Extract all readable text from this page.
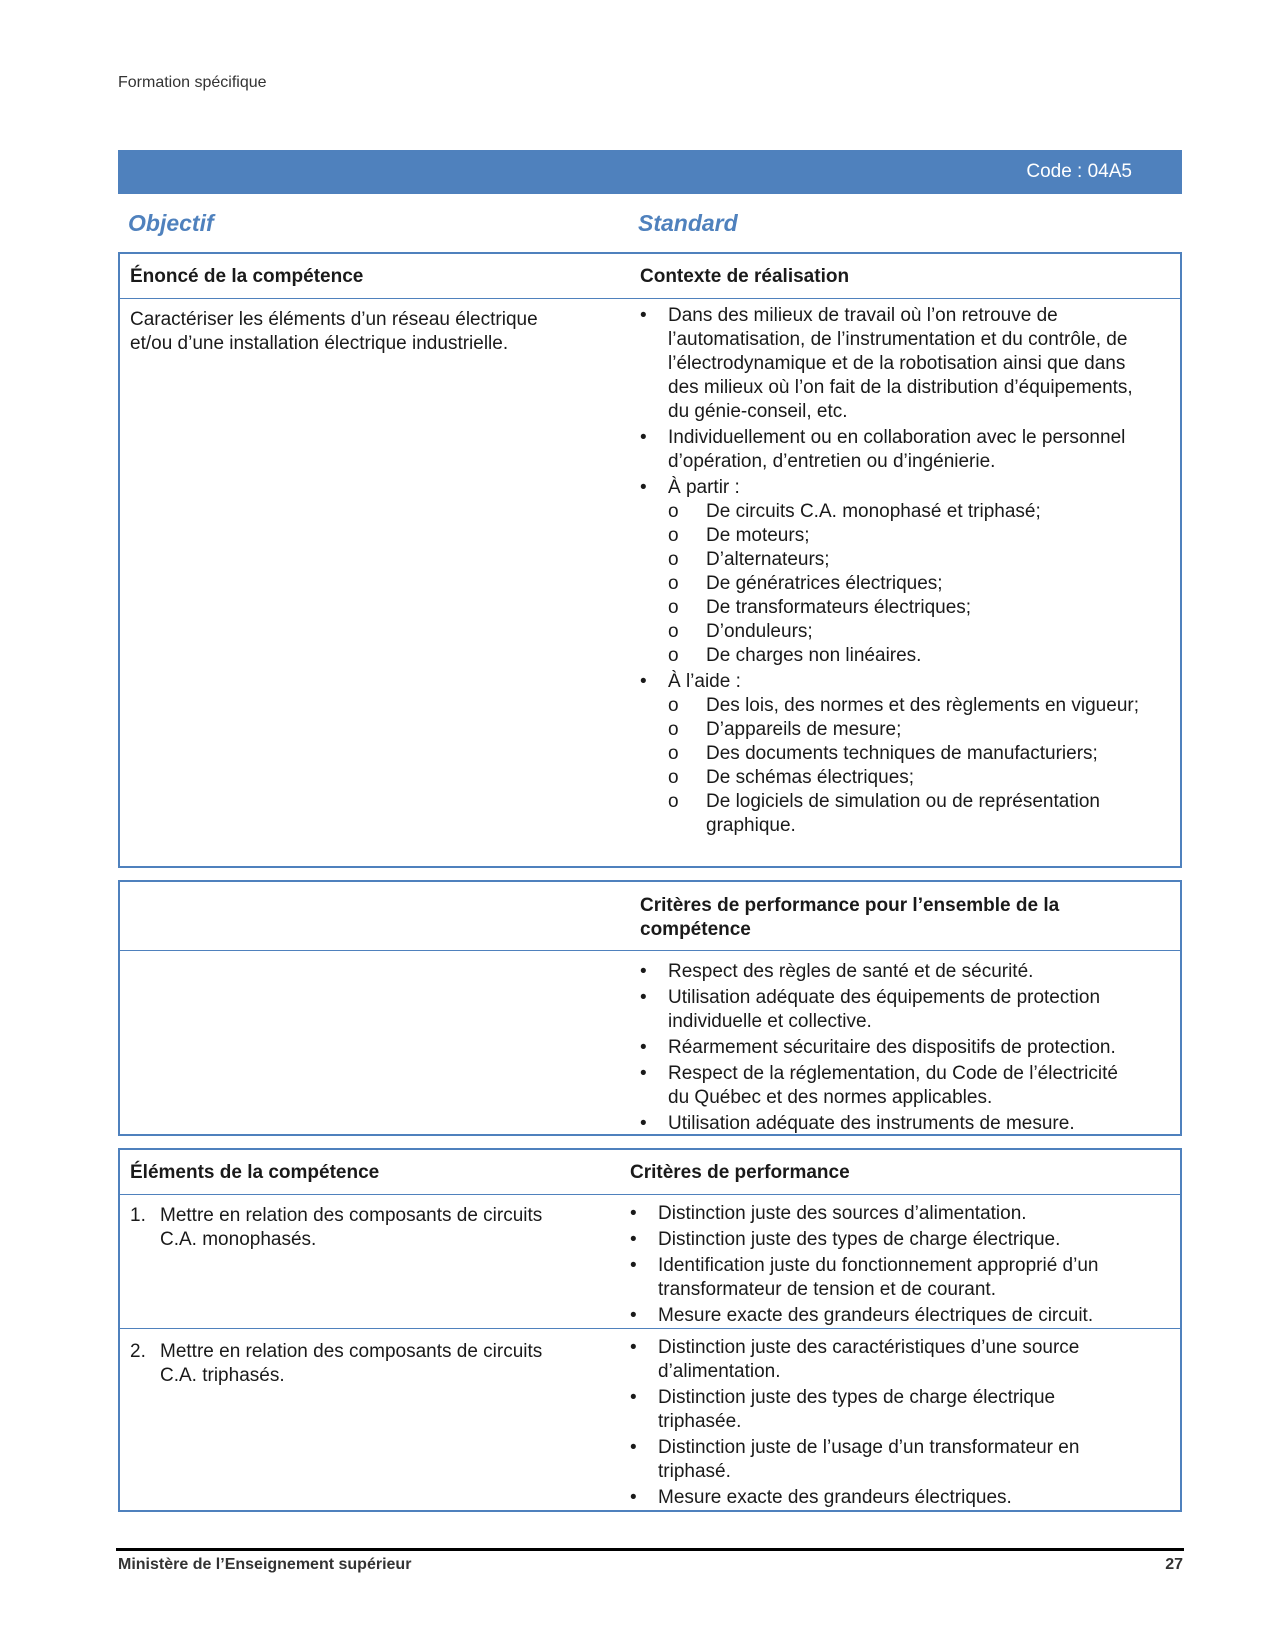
Formation spécifique
Code : 04A5
Objectif	Standard
Énoncé de la compétence	Contexte de réalisation
Caractériser les éléments d’un réseau électrique et/ou d’une installation électrique industrielle.
• Dans des milieux de travail où l’on retrouve de l’automatisation, de l’instrumentation et du contrôle, de l’électrodynamique et de la robotisation ainsi que dans des milieux où l’on fait de la distribution d’équipements, du génie-conseil, etc.
• Individuellement ou en collaboration avec le personnel d’opération, d’entretien ou d’ingénierie.
• À partir :
o De circuits C.A. monophasé et triphasé;
o De moteurs;
o D’alternateurs;
o De génératrices électriques;
o De transformateurs électriques;
o D’onduleurs;
o De charges non linéaires.
• À l’aide :
o Des lois, des normes et des règlements en vigueur;
o D’appareils de mesure;
o Des documents techniques de manufacturiers;
o De schémas électriques;
o De logiciels de simulation ou de représentation graphique.
Critères de performance pour l’ensemble de la compétence
• Respect des règles de santé et de sécurité.
• Utilisation adéquate des équipements de protection individuelle et collective.
• Réarmement sécuritaire des dispositifs de protection.
• Respect de la réglementation, du Code de l’électricité du Québec et des normes applicables.
• Utilisation adéquate des instruments de mesure.
Éléments de la compétence	Critères de performance
1. Mettre en relation des composants de circuits C.A. monophasés.
• Distinction juste des sources d’alimentation.
• Distinction juste des types de charge électrique.
• Identification juste du fonctionnement approprié d’un transformateur de tension et de courant.
• Mesure exacte des grandeurs électriques de circuit.
2. Mettre en relation des composants de circuits C.A. triphasés.
• Distinction juste des caractéristiques d’une source d’alimentation.
• Distinction juste des types de charge électrique triphasée.
• Distinction juste de l’usage d’un transformateur en triphasé.
• Mesure exacte des grandeurs électriques.
Ministère de l’Enseignement supérieur	27
